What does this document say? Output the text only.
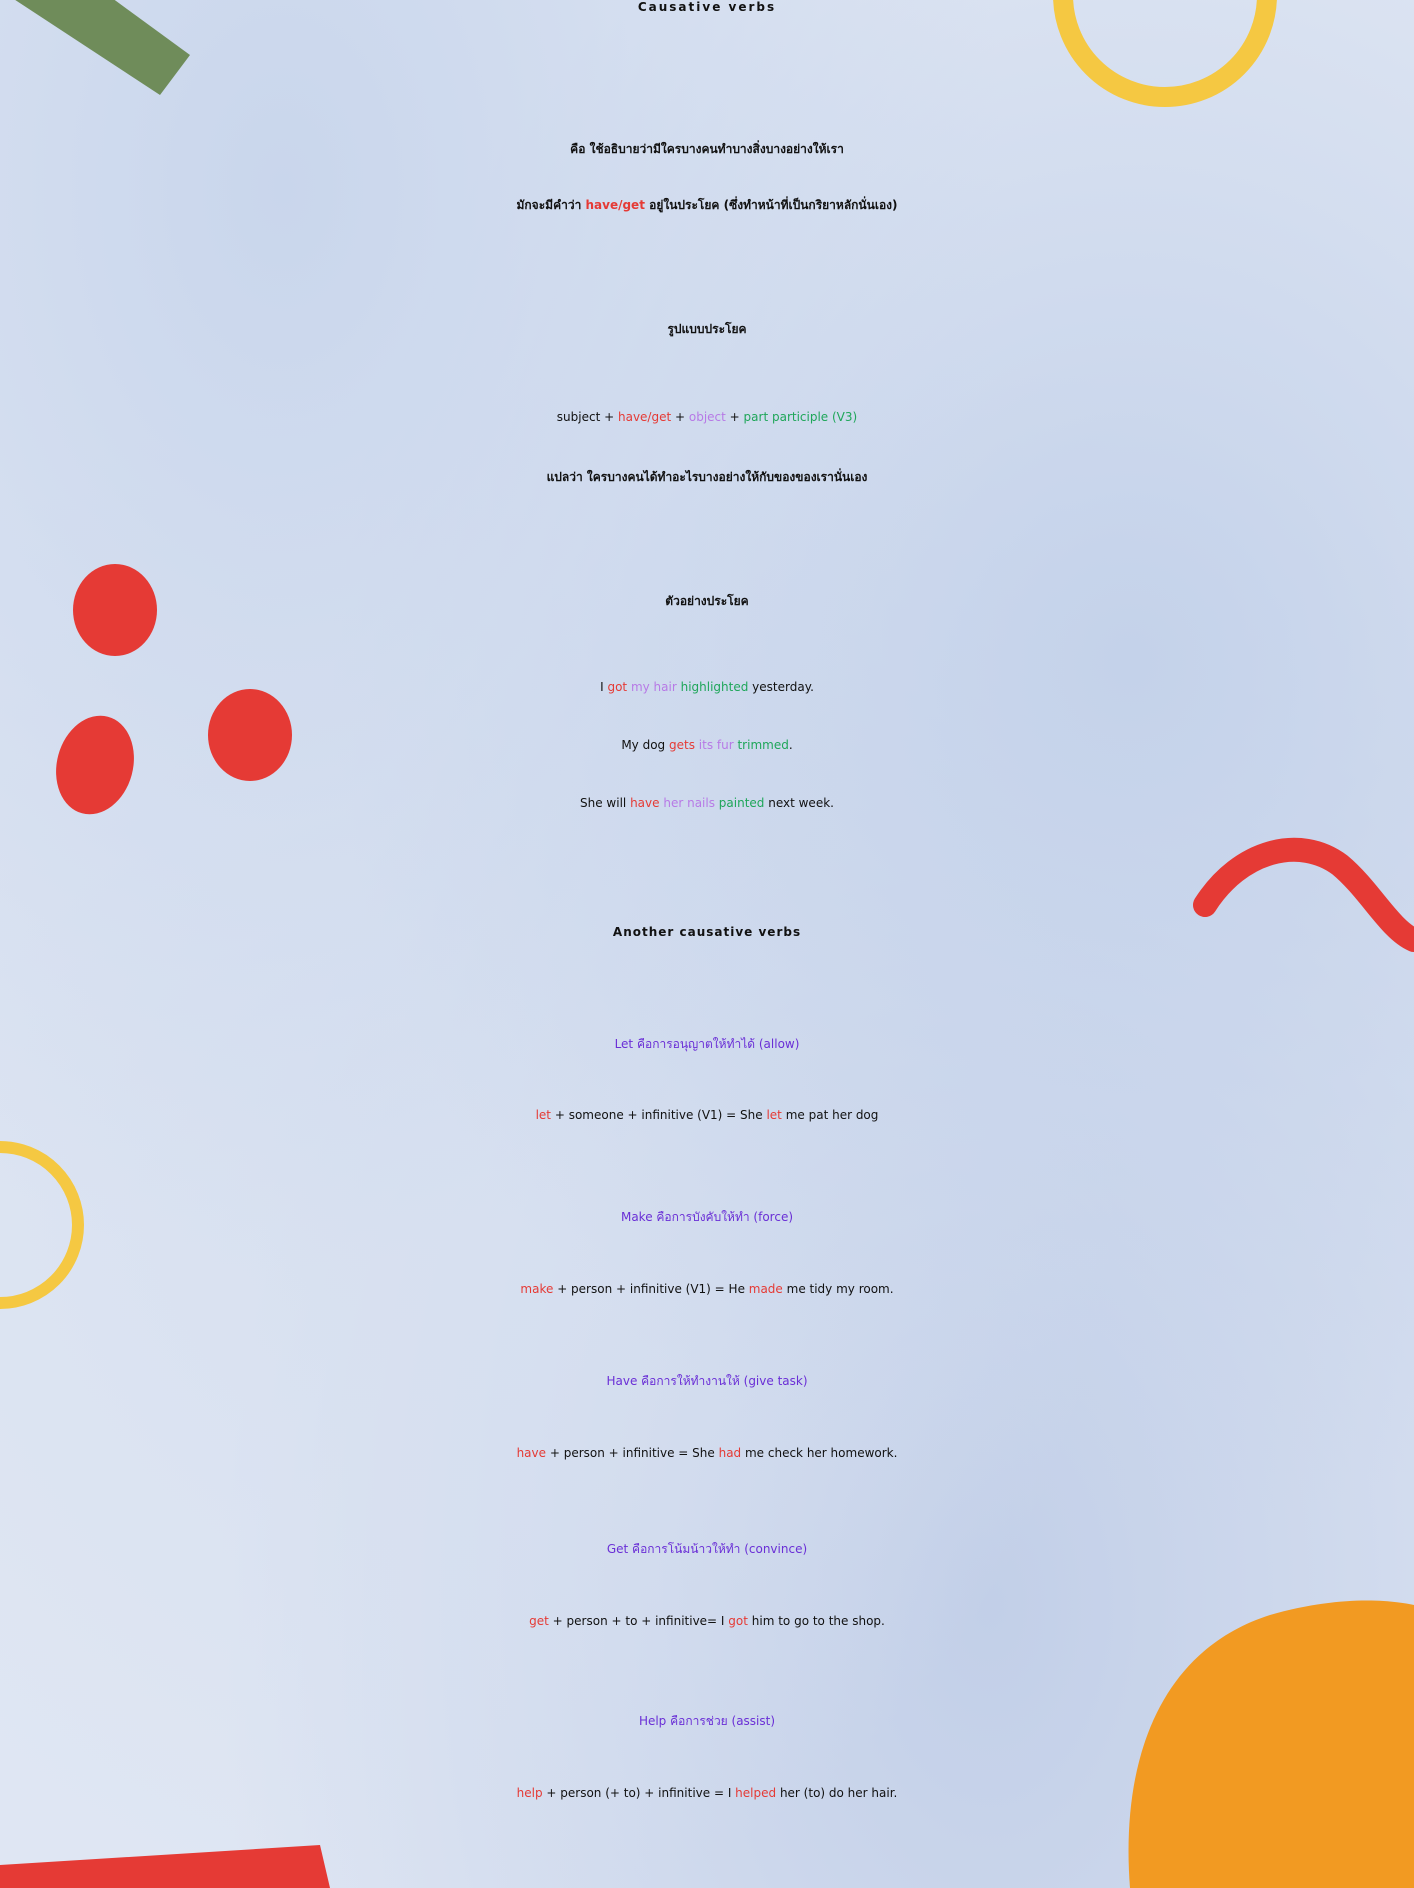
Causative verbs
คือ ใช้อธิบายว่ามีใครบางคนทำบางสิ่งบางอย่างให้เรา
มักจะมีคำว่า have/get อยู่ในประโยค (ซึ่งทำหน้าที่เป็นกริยาหลักนั่นเอง)
รูปแบบประโยค
subject + have/get + object + part participle (V3)
แปลว่า ใครบางคนได้ทำอะไรบางอย่างให้กับของของเรานั่นเอง
ตัวอย่างประโยค
I got my hair highlighted yesterday.
My dog gets its fur trimmed.
She will have her nails painted next week.
Another causative verbs
Let คือการอนุญาตให้ทำได้ (allow)
let + someone + infinitive (V1) = She let me pat her dog
Make คือการบังคับให้ทำ (force)
make + person + infinitive (V1) = He made me tidy my room.
Have คือการให้ทำงานให้ (give task)
have + person + infinitive = She had me check her homework.
Get คือการโน้มน้าวให้ทำ (convince)
get + person + to + infinitive= I got him to go to the shop.
Help คือการช่วย (assist)
help + person (+ to) + infinitive = I helped her (to) do her hair.
